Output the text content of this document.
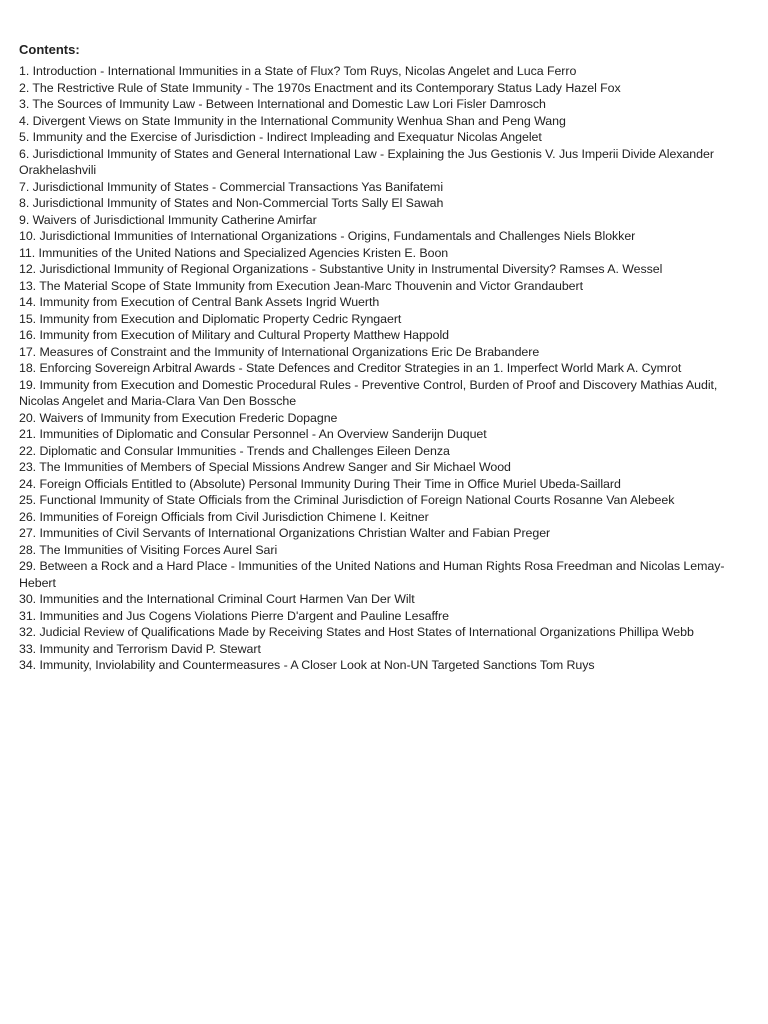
Contents:
1. Introduction - International Immunities in a State of Flux? Tom Ruys, Nicolas Angelet and Luca Ferro
2. The Restrictive Rule of State Immunity - The 1970s Enactment and its Contemporary Status Lady Hazel Fox
3. The Sources of Immunity Law - Between International and Domestic Law Lori Fisler Damrosch
4. Divergent Views on State Immunity in the International Community Wenhua Shan and Peng Wang
5. Immunity and the Exercise of Jurisdiction - Indirect Impleading and Exequatur Nicolas Angelet
6. Jurisdictional Immunity of States and General International Law - Explaining the Jus Gestionis V. Jus Imperii Divide Alexander Orakhelashvili
7. Jurisdictional Immunity of States - Commercial Transactions Yas Banifatemi
8. Jurisdictional Immunity of States and Non-Commercial Torts Sally El Sawah
9. Waivers of Jurisdictional Immunity Catherine Amirfar
10. Jurisdictional Immunities of International Organizations - Origins, Fundamentals and Challenges Niels Blokker
11. Immunities of the United Nations and Specialized Agencies Kristen E. Boon
12. Jurisdictional Immunity of Regional Organizations - Substantive Unity in Instrumental Diversity? Ramses A. Wessel
13. The Material Scope of State Immunity from Execution Jean-Marc Thouvenin and Victor Grandaubert
14. Immunity from Execution of Central Bank Assets Ingrid Wuerth
15. Immunity from Execution and Diplomatic Property Cedric Ryngaert
16. Immunity from Execution of Military and Cultural Property Matthew Happold
17. Measures of Constraint and the Immunity of International Organizations Eric De Brabandere
18. Enforcing Sovereign Arbitral Awards - State Defences and Creditor Strategies in an 1. Imperfect World Mark A. Cymrot
19. Immunity from Execution and Domestic Procedural Rules - Preventive Control, Burden of Proof and Discovery Mathias Audit, Nicolas Angelet and Maria-Clara Van Den Bossche
20. Waivers of Immunity from Execution Frederic Dopagne
21. Immunities of Diplomatic and Consular Personnel - An Overview Sanderijn Duquet
22. Diplomatic and Consular Immunities - Trends and Challenges Eileen Denza
23. The Immunities of Members of Special Missions Andrew Sanger and Sir Michael Wood
24. Foreign Officials Entitled to (Absolute) Personal Immunity During Their Time in Office Muriel Ubeda-Saillard
25. Functional Immunity of State Officials from the Criminal Jurisdiction of Foreign National Courts Rosanne Van Alebeek
26. Immunities of Foreign Officials from Civil Jurisdiction Chimene I. Keitner
27. Immunities of Civil Servants of International Organizations Christian Walter and Fabian Preger
28. The Immunities of Visiting Forces Aurel Sari
29. Between a Rock and a Hard Place - Immunities of the United Nations and Human Rights Rosa Freedman and Nicolas Lemay-Hebert
30. Immunities and the International Criminal Court Harmen Van Der Wilt
31. Immunities and Jus Cogens Violations Pierre D'argent and Pauline Lesaffre
32. Judicial Review of Qualifications Made by Receiving States and Host States of International Organizations Phillipa Webb
33. Immunity and Terrorism David P. Stewart
34. Immunity, Inviolability and Countermeasures - A Closer Look at Non-UN Targeted Sanctions Tom Ruys
